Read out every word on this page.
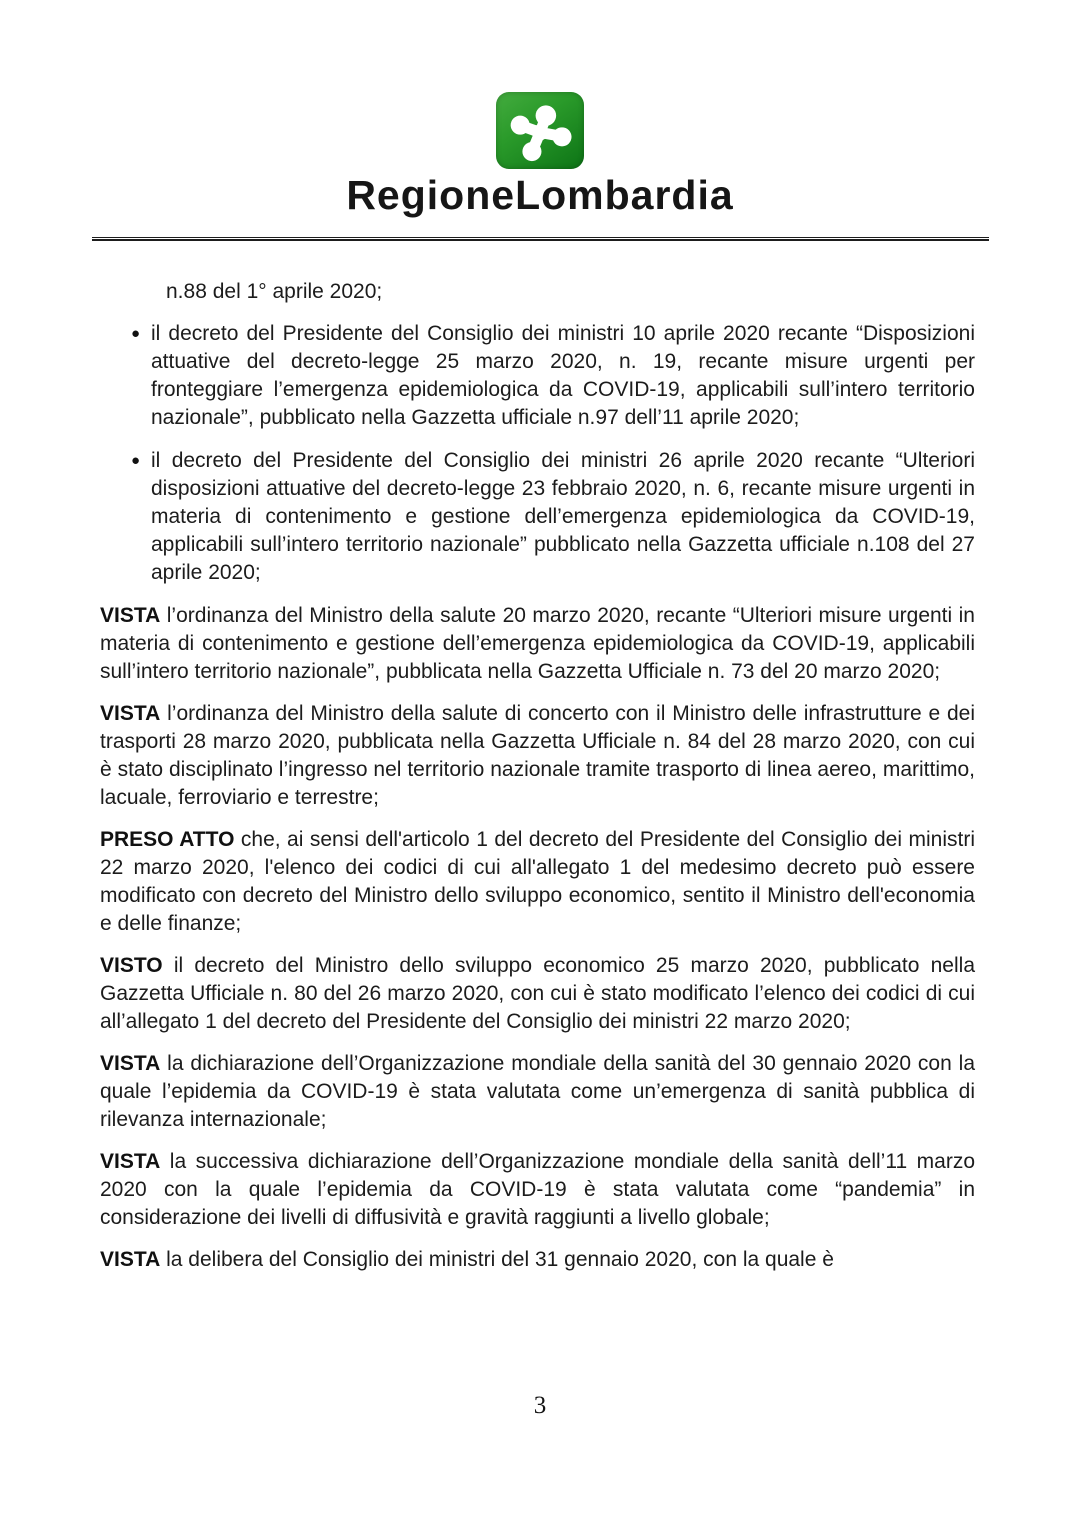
RegioneLombardia

n.88 del 1° aprile 2020;

● il decreto del Presidente del Consiglio dei ministri 10 aprile 2020 recante “Disposizioni attuative del decreto-legge 25 marzo 2020, n. 19, recante misure urgenti per fronteggiare l’emergenza epidemiologica da COVID-19, applicabili sull’intero territorio nazionale”, pubblicato nella Gazzetta ufficiale n.97 dell’11 aprile 2020;

● il decreto del Presidente del Consiglio dei ministri 26 aprile 2020 recante “Ulteriori disposizioni attuative del decreto-legge 23 febbraio 2020, n. 6, recante misure urgenti in materia di contenimento e gestione dell’emergenza epidemiologica da COVID-19, applicabili sull’intero territorio nazionale” pubblicato nella Gazzetta ufficiale n.108 del 27 aprile 2020;

VISTA l’ordinanza del Ministro della salute 20 marzo 2020, recante “Ulteriori misure urgenti in materia di contenimento e gestione dell’emergenza epidemiologica da COVID-19, applicabili sull’intero territorio nazionale”, pubblicata nella Gazzetta Ufficiale n. 73 del 20 marzo 2020;

VISTA l’ordinanza del Ministro della salute di concerto con il Ministro delle infrastrutture e dei trasporti 28 marzo 2020, pubblicata nella Gazzetta Ufficiale n. 84 del 28 marzo 2020, con cui è stato disciplinato l’ingresso nel territorio nazionale tramite trasporto di linea aereo, marittimo, lacuale, ferroviario e terrestre;

PRESO ATTO che, ai sensi dell'articolo 1 del decreto del Presidente del Consiglio dei ministri 22 marzo 2020, l'elenco dei codici di cui all'allegato 1 del medesimo decreto può essere modificato con decreto del Ministro dello sviluppo economico, sentito il Ministro dell'economia e delle finanze;

VISTO il decreto del Ministro dello sviluppo economico 25 marzo 2020, pubblicato nella Gazzetta Ufficiale n. 80 del 26 marzo 2020, con cui è stato modificato l’elenco dei codici di cui all’allegato 1 del decreto del Presidente del Consiglio dei ministri 22 marzo 2020;

VISTA la dichiarazione dell’Organizzazione mondiale della sanità del 30 gennaio 2020 con la quale l’epidemia da COVID-19 è stata valutata come un’emergenza di sanità pubblica di rilevanza internazionale;

VISTA la successiva dichiarazione dell’Organizzazione mondiale della sanità dell’11 marzo 2020 con la quale l’epidemia da COVID-19 è stata valutata come “pandemia” in considerazione dei livelli di diffusività e gravità raggiunti a livello globale;

VISTA la delibera del Consiglio dei ministri del 31 gennaio 2020, con la quale è

3
